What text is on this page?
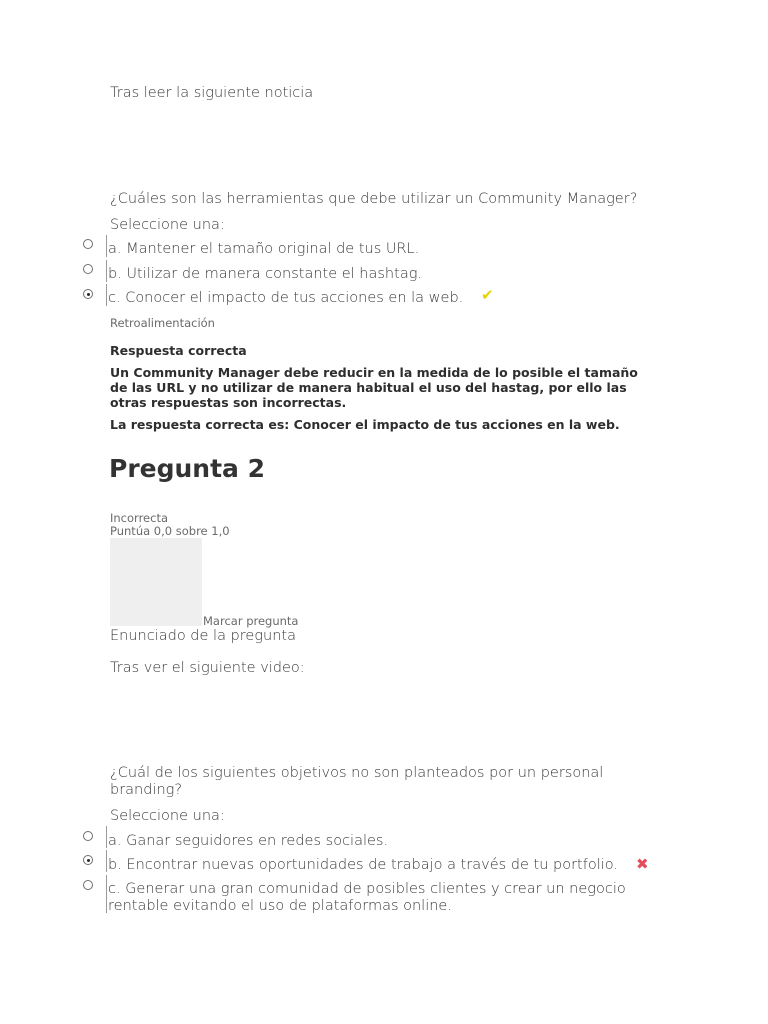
Tras leer la siguiente noticia
¿Cuáles son las herramientas que debe utilizar un Community Manager?
Seleccione una:
a. Mantener el tamaño original de tus URL.
b. Utilizar de manera constante el hashtag.
c. Conocer el impacto de tus acciones en la web. ✔
Retroalimentación
Respuesta correcta
Un Community Manager debe reducir en la medida de lo posible el tamaño de las URL y no utilizar de manera habitual el uso del hastag, por ello las otras respuestas son incorrectas.
La respuesta correcta es: Conocer el impacto de tus acciones en la web.
Pregunta 2
Incorrecta
Puntúa 0,0 sobre 1,0
Marcar pregunta
Enunciado de la pregunta
Tras ver el siguiente video:
¿Cuál de los siguientes objetivos no son planteados por un personal branding?
Seleccione una:
a. Ganar seguidores en redes sociales.
b. Encontrar nuevas oportunidades de trabajo a través de tu portfolio. ✖
c. Generar una gran comunidad de posibles clientes y crear un negocio rentable evitando el uso de plataformas online.
